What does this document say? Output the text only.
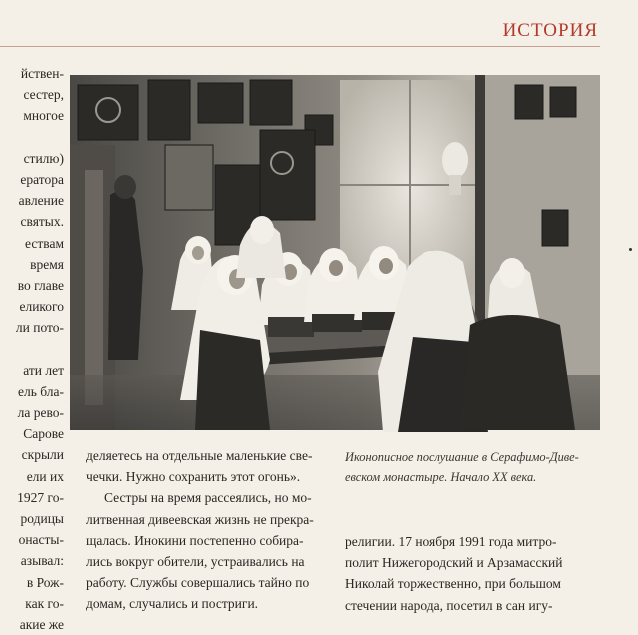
ИСТОРИЯ
йствен-
сестер,
многое
стилю)
ератора
авление
святых.
ествам
время
во главе
еликого
ли пото-
ати лет
ель бла-
ла рево-
Сарове
скрыли
ели их
1927 го-
родицы
онасты-
азывал:
в Рож-
как го-
акие же
деляетесь на отдельные маленькие све-
чечки. Нужно сохранить этот огонь».
Сестры на время рассеялись, но мо-
литвенная дивеевская жизнь не прекра-
щалась. Инокини постепенно собира-
лись вокруг обители, устраивались на
работу. Службы совершались тайно по
домам, случались и постриги.
Иконописное послушание в Серафимо-Диве-
евском монастыре. Начало XX века.
религии. 17 ноября 1991 года митро-
полит Нижегородский и Арзамасский
Николай торжественно, при большом
стечении народа, посетил в сан игу-
